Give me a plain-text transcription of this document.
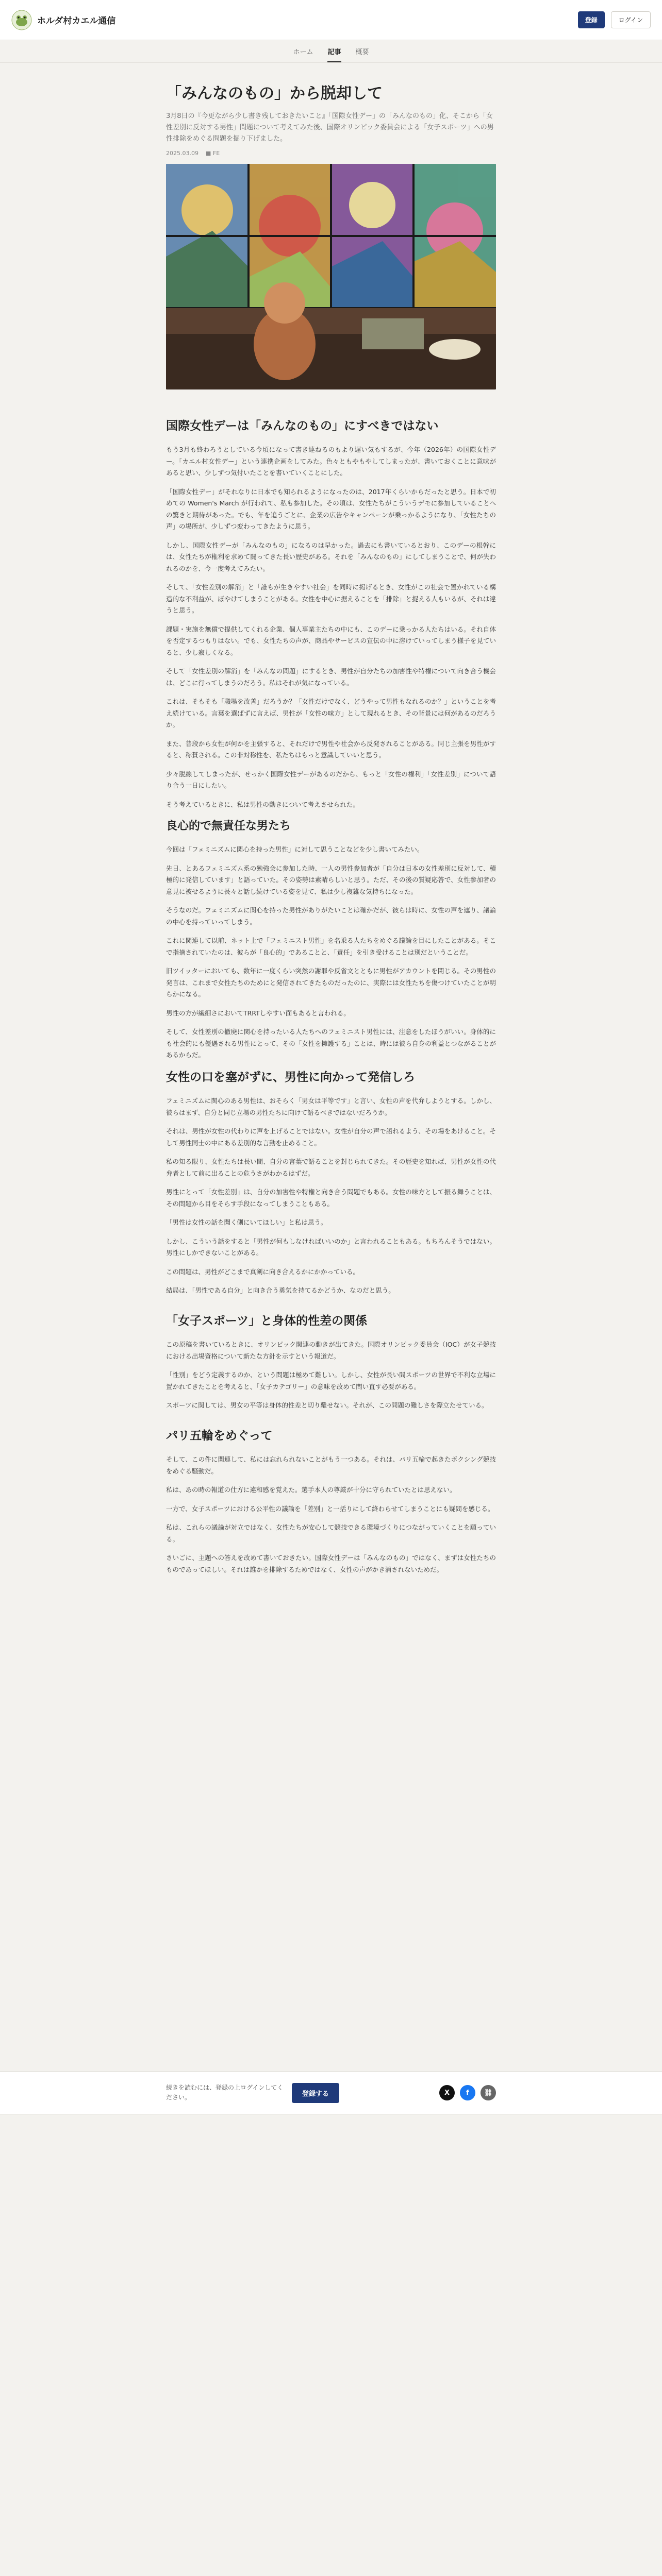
ホルダ村カエル通信	登録	ログイン
ホーム 記事 概要
「みんなのもの」から脱却して

3月8日の『今更ながら少し書き残しておきたいこと』「国際女性デー」の「みんなのもの」化、そこから「女性差別に反対する男性」問題について考えてみた後、国際オリンピック委員会による「女子スポーツ」への男性排除をめぐる問題を掘り下げました。

2025.03.09 ■ FE
国際女性デーは「みんなのもの」にすべきではない

もう3月も終わろうとしている今頃になって書き連ねるのもより遅い気もするが、今年（2026年）の国際女性デー。「カエル村女性デー」という連携企画をしてみた。色々ともやもやしてしまったが、書いておくことに意味があると思い、少しずつ気付いたことを書いていくことにした。

「国際女性デー」がそれなりに日本でも知られるようになったのは、2017年くらいからだったと思う。日本で初めての Women's March が行われて、私も参加した。その頃は、女性たちがこういうデモに参加していることへの驚きと期待があった。でも、年を追うごとに、企業の広告やキャンペーンが乗っかるようになり、「女性たちの声」の場所が、少しずつ変わってきたように思う。

しかし、国際女性デーが「みんなのもの」になるのは早かった。過去にも書いているとおり、このデーの根幹には、女性たちが権利を求めて闘ってきた長い歴史がある。それを「みんなのもの」にしてしまうことで、何が失われるのかを、今一度考えてみたい。

そして、「女性差別の解消」と「誰もが生きやすい社会」を同時に掲げるとき、女性がこの社会で置かれている構造的な不利益が、ぼやけてしまうことがある。女性を中心に据えることを「排除」と捉える人もいるが、それは違うと思う。

課題・実施を無償で提供してくれる企業、個人事業主たちの中にも、このデーに乗っかる人たちはいる。それ自体を否定するつもりはない。でも、女性たちの声が、商品やサービスの宣伝の中に溶けていってしまう様子を見ていると、少し寂しくなる。

そして「女性差別の解消」を「みんなの問題」にするとき、男性が自分たちの加害性や特権について向き合う機会は、どこに行ってしまうのだろう。私はそれが気になっている。

これは、そもそも「職場を改善」だろうか？「女性だけでなく、どうやって男性もなれるのか？」ということを考え続けている。言葉を選ばずに言えば、男性が「女性の味方」として現れるとき、その背景には何があるのだろうか。

また、普段から女性が何かを主張すると、それだけで男性や社会から反発されることがある。同じ主張を男性がすると、称賛される。この非対称性を、私たちはもっと意識していいと思う。

少々脱線してしまったが、せっかく国際女性デーがあるのだから、もっと「女性の権利」「女性差別」について語り合う一日にしたい。

そう考えているときに、私は男性の動きについて考えさせられた。

良心的で無責任な男たち

今回は「フェミニズムに関心を持った男性」に対して思うことなどを少し書いてみたい。

先日、とあるフェミニズム系の勉強会に参加した時、一人の男性参加者が「自分は日本の女性差別に反対して、積極的に発信しています」と語っていた。その姿勢は素晴らしいと思う。ただ、その後の質疑応答で、女性参加者の意見に被せるように長々と話し続けている姿を見て、私は少し複雑な気持ちになった。

そうなのだ。フェミニズムに関心を持った男性がありがたいことは確かだが、彼らは時に、女性の声を遮り、議論の中心を持っていってしまう。

これに関連して以前、ネット上で「フェミニスト男性」を名乗る人たちをめぐる議論を目にしたことがある。そこで指摘されていたのは、彼らが「良心的」であることと、「責任」を引き受けることは別だということだ。

旧ツイッターにおいても、数年に一度くらい突然の謝罪や反省文とともに男性がアカウントを閉じる。その男性の発言は、これまで女性たちのためにと発信されてきたものだったのに、実際には女性たちを傷つけていたことが明らかになる。

男性の方が繊細さにおいてTRRTしやすい面もあると言われる。

そして、女性差別の撤廃に関心を持ったいる人たちへのフェミニスト男性には、注意をしたほうがいい。身体的にも社会的にも優遇される男性にとって、その「女性を擁護する」ことは、時には彼ら自身の利益とつながることがあるからだ。

女性の口を塞がずに、男性に向かって発信しろ

フェミニズムに関心のある男性は、おそらく「男女は平等です」と言い、女性の声を代弁しようとする。しかし、彼らはまず、自分と同じ立場の男性たちに向けて語るべきではないだろうか。

それは、男性が女性の代わりに声を上げることではない。女性が自分の声で語れるよう、その場をあけること。そして男性同士の中にある差別的な言動を止めること。

私の知る限り、女性たちは長い間、自分の言葉で語ることを封じられてきた。その歴史を知れば、男性が女性の代弁者として前に出ることの危うさがわかるはずだ。

男性にとって「女性差別」は、自分の加害性や特権と向き合う問題でもある。女性の味方として振る舞うことは、その問題から目をそらす手段になってしまうこともある。

「男性は女性の話を聞く側にいてほしい」と私は思う。

しかし、こういう話をすると「男性が何もしなければいいのか」と言われることもある。もちろんそうではない。男性にしかできないことがある。

この問題は、男性がどこまで真剣に向き合えるかにかかっている。

結局は、「男性である自分」と向き合う勇気を持てるかどうか、なのだと思う。

「女子スポーツ」と身体的性差の関係

この原稿を書いているときに、オリンピック関連の動きが出てきた。国際オリンピック委員会（IOC）が女子競技における出場資格について新たな方針を示すという報道だ。

「性別」をどう定義するのか、という問題は極めて難しい。しかし、女性が長い間スポーツの世界で不利な立場に置かれてきたことを考えると、「女子カテゴリー」の意味を改めて問い直す必要がある。

スポーツに関しては、男女の平等は身体的性差と切り離せない。それが、この問題の難しさを際立たせている。

パリ五輪をめぐって

そして、この件に関連して、私には忘れられないことがもう一つある。それは、パリ五輪で起きたボクシング競技をめぐる騒動だ。

私は、あの時の報道の仕方に違和感を覚えた。選手本人の尊厳が十分に守られていたとは思えない。

一方で、女子スポーツにおける公平性の議論を「差別」と一括りにして終わらせてしまうことにも疑問を感じる。

私は、これらの議論が対立ではなく、女性たちが安心して競技できる環境づくりにつながっていくことを願っている。

さいごに、主題への答えを改めて書いておきたい。国際女性デーは「みんなのもの」ではなく、まずは女性たちのものであってほしい。それは誰かを排除するためではなく、女性の声がかき消されないためだ。

続きを読むには、登録の上ログインしてください。

登録する	X	f	⛓
